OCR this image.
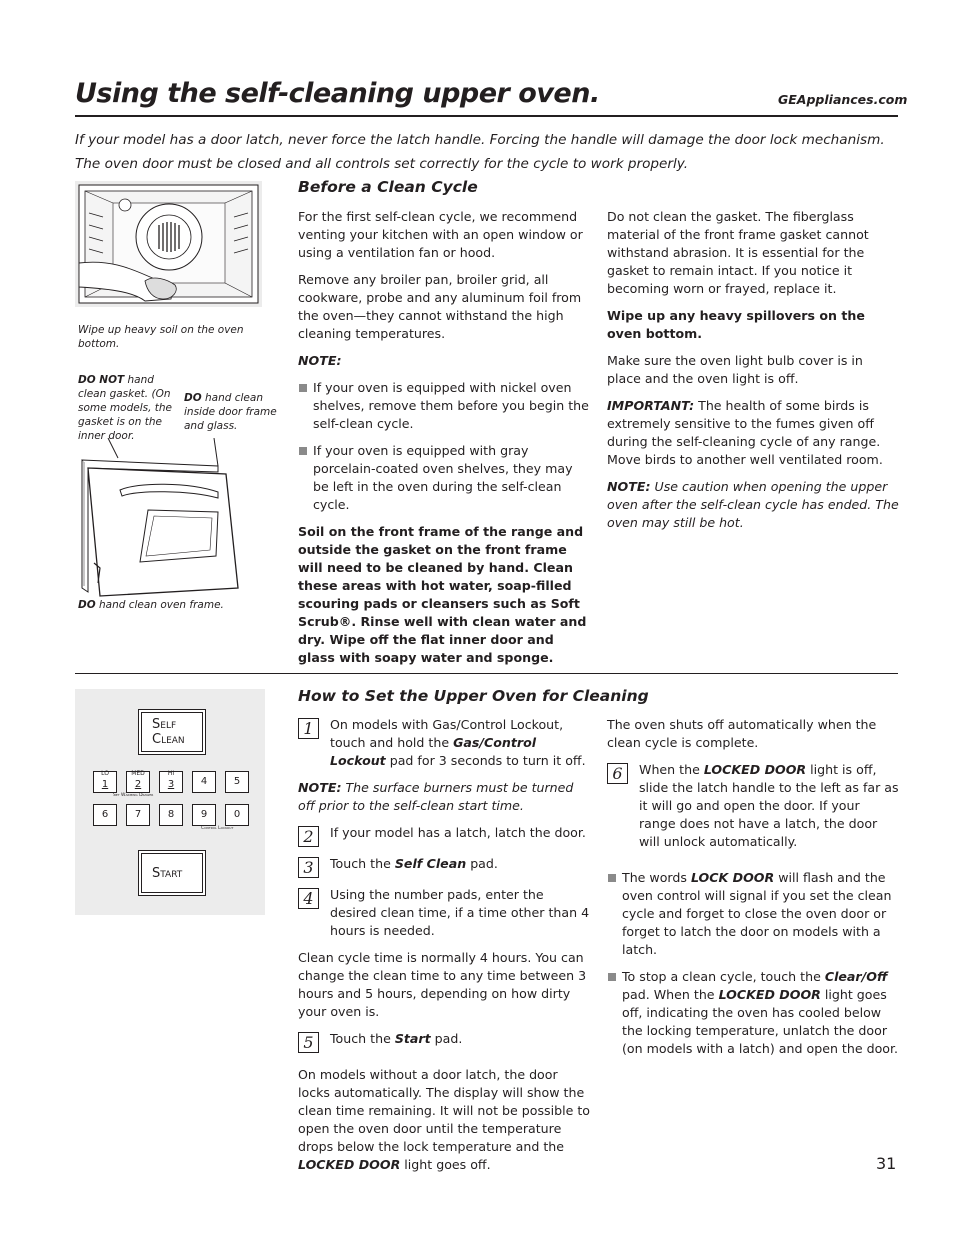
Using the self-cleaning upper oven.	GEAppliances.com
If your model has a door latch, never force the latch handle. Forcing the handle will damage the door lock mechanism.
The oven door must be closed and all controls set correctly for the cycle to work properly.
Wipe up heavy soil on the oven bottom.
DO NOT hand clean gasket. (On some models, the gasket is on the inner door.
DO hand clean inside door frame and glass.
DO hand clean oven frame.
Before a Clean Cycle

For the first self-clean cycle, we recommend venting your kitchen with an open window or using a ventilation fan or hood.

Remove any broiler pan, broiler grid, all cookware, probe and any aluminum foil from the oven—they cannot withstand the high cleaning temperatures.

NOTE:

If your oven is equipped with nickel oven shelves, remove them before you begin the self-clean cycle.

If your oven is equipped with gray porcelain-coated oven shelves, they may be left in the oven during the self-clean cycle.

Soil on the front frame of the range and outside the gasket on the front frame will need to be cleaned by hand. Clean these areas with hot water, soap-filled scouring pads or cleansers such as Soft Scrub®. Rinse well with clean water and dry. Wipe off the flat inner door and glass with soapy water and sponge.

Do not clean the gasket. The fiberglass material of the front frame gasket cannot withstand abrasion. It is essential for the gasket to remain intact. If you notice it becoming worn or frayed, replace it.

Wipe up any heavy spillovers on the oven bottom.

Make sure the oven light bulb cover is in place and the oven light is off.

IMPORTANT: The health of some birds is extremely sensitive to the fumes given off during the self-cleaning cycle of any range. Move birds to another well ventilated room.

NOTE: Use caution when opening the upper oven after the self-clean cycle has ended. The oven may still be hot.

Self
Clean
LO
1
MED
2
HI
3	4	5
Set Warming Drawer
6	7	8	9	0
Control Lockout
Start
How to Set the Upper Oven for Cleaning

1	On models with Gas/Control Lockout, touch and hold the Gas/Control Lockout pad for 3 seconds to turn it off.

NOTE: The surface burners must be turned off prior to the self-clean start time.

2	If your model has a latch, latch the door.

3	Touch the Self Clean pad.

4	Using the number pads, enter the desired clean time, if a time other than 4 hours is needed.

Clean cycle time is normally 4 hours. You can change the clean time to any time between 3 hours and 5 hours, depending on how dirty your oven is.

5	Touch the Start pad.

On models without a door latch, the door locks automatically. The display will show the clean time remaining. It will not be possible to open the oven door until the temperature drops below the lock temperature and the LOCKED DOOR light goes off.

The oven shuts off automatically when the clean cycle is complete.

6	When the LOCKED DOOR light is off, slide the latch handle to the left as far as it will go and open the door. If your range does not have a latch, the door will unlock automatically.

The words LOCK DOOR will flash and the oven control will signal if you set the clean cycle and forget to close the oven door or forget to latch the door on models with a latch.

To stop a clean cycle, touch the Clear/Off pad. When the LOCKED DOOR light goes off, indicating the oven has cooled below the locking temperature, unlatch the door (on models with a latch) and open the door.

31
